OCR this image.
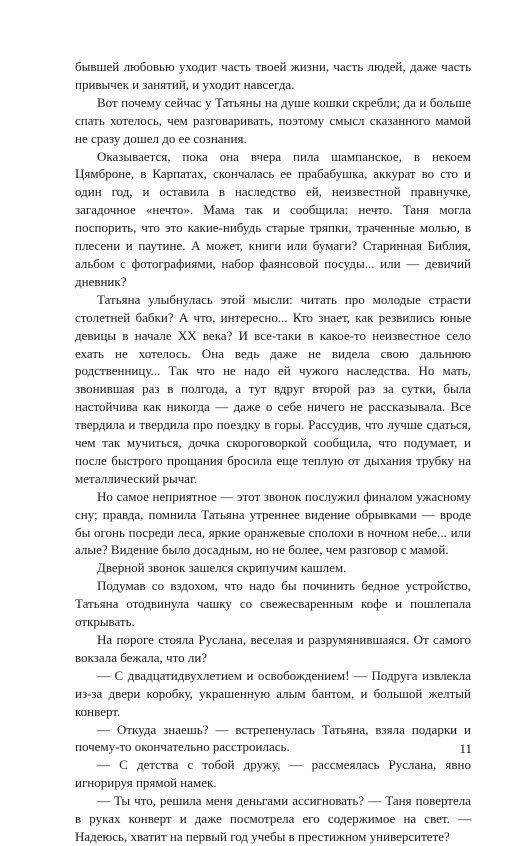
бывшей любовью уходит часть твоей жизни, часть людей, даже часть привычек и занятий, и уходит навсегда.

Вот почему сейчас у Татьяны на душе кошки скребли; да и больше спать хотелось, чем разговаривать, поэтому смысл сказанного мамой не сразу дошел до ее сознания.

Оказывается, пока она вчера пила шампанское, в некоем Цямброне, в Карпатах, скончалась ее прабабушка, аккурат во сто и один год, и оставила в наследство ей, неизвестной правнучке, загадочное «нечто». Мама так и сообщила: нечто. Таня могла поспорить, что это какие-нибудь старые тряпки, траченные молью, в плесени и паутине. А может, книги или бумаги? Старинная Библия, альбом с фотографиями, набор фаянсовой посуды... или — девичий дневник?

Татьяна улыбнулась этой мысли: читать про молодые страсти столетней бабки? А что, интересно... Кто знает, как резвились юные девицы в начале XX века? И все-таки в какое-то неизвестное село ехать не хотелось. Она ведь даже не видела свою дальнюю родственницу... Так что не надо ей чужого наследства. Но мать, звонившая раз в полгода, а тут вдруг второй раз за сутки, была настойчива как никогда — даже о себе ничего не рассказывала. Все твердила и твердила про поездку в горы. Рассудив, что лучше сдаться, чем так мучиться, дочка скороговоркой сообщила, что подумает, и после быстрого прощания бросила еще теплую от дыхания трубку на металлический рычаг.

Но самое неприятное — этот звонок послужил финалом ужасному сну; правда, помнила Татьяна утреннее видение обрывками — вроде бы огонь посреди леса, яркие оранжевые сполохи в ночном небе... или алые? Видение было досадным, но не более, чем разговор с мамой.

Дверной звонок зашелся скрипучим кашлем.

Подумав со вздохом, что надо бы починить бедное устройство, Татьяна отодвинула чашку со свежесваренным кофе и пошлепала открывать.

На пороге стояла Руслана, веселая и разрумянившаяся. От самого вокзала бежала, что ли?

— С двадцатидвухлетием и освобождением! — Подруга извлекла из-за двери коробку, украшенную алым бантом, и большой желтый конверт.

— Откуда знаешь? — встрепенулась Татьяна, взяла подарки и почему-то окончательно расстроилась.

— С детства с тобой дружу, — рассмеялась Руслана, явно игнорируя прямой намек.

— Ты что, решила меня деньгами ассигновать? — Таня повертела в руках конверт и даже посмотрела его содержимое на свет. — Надеюсь, хватит на первый год учебы в престижном университете?

11
